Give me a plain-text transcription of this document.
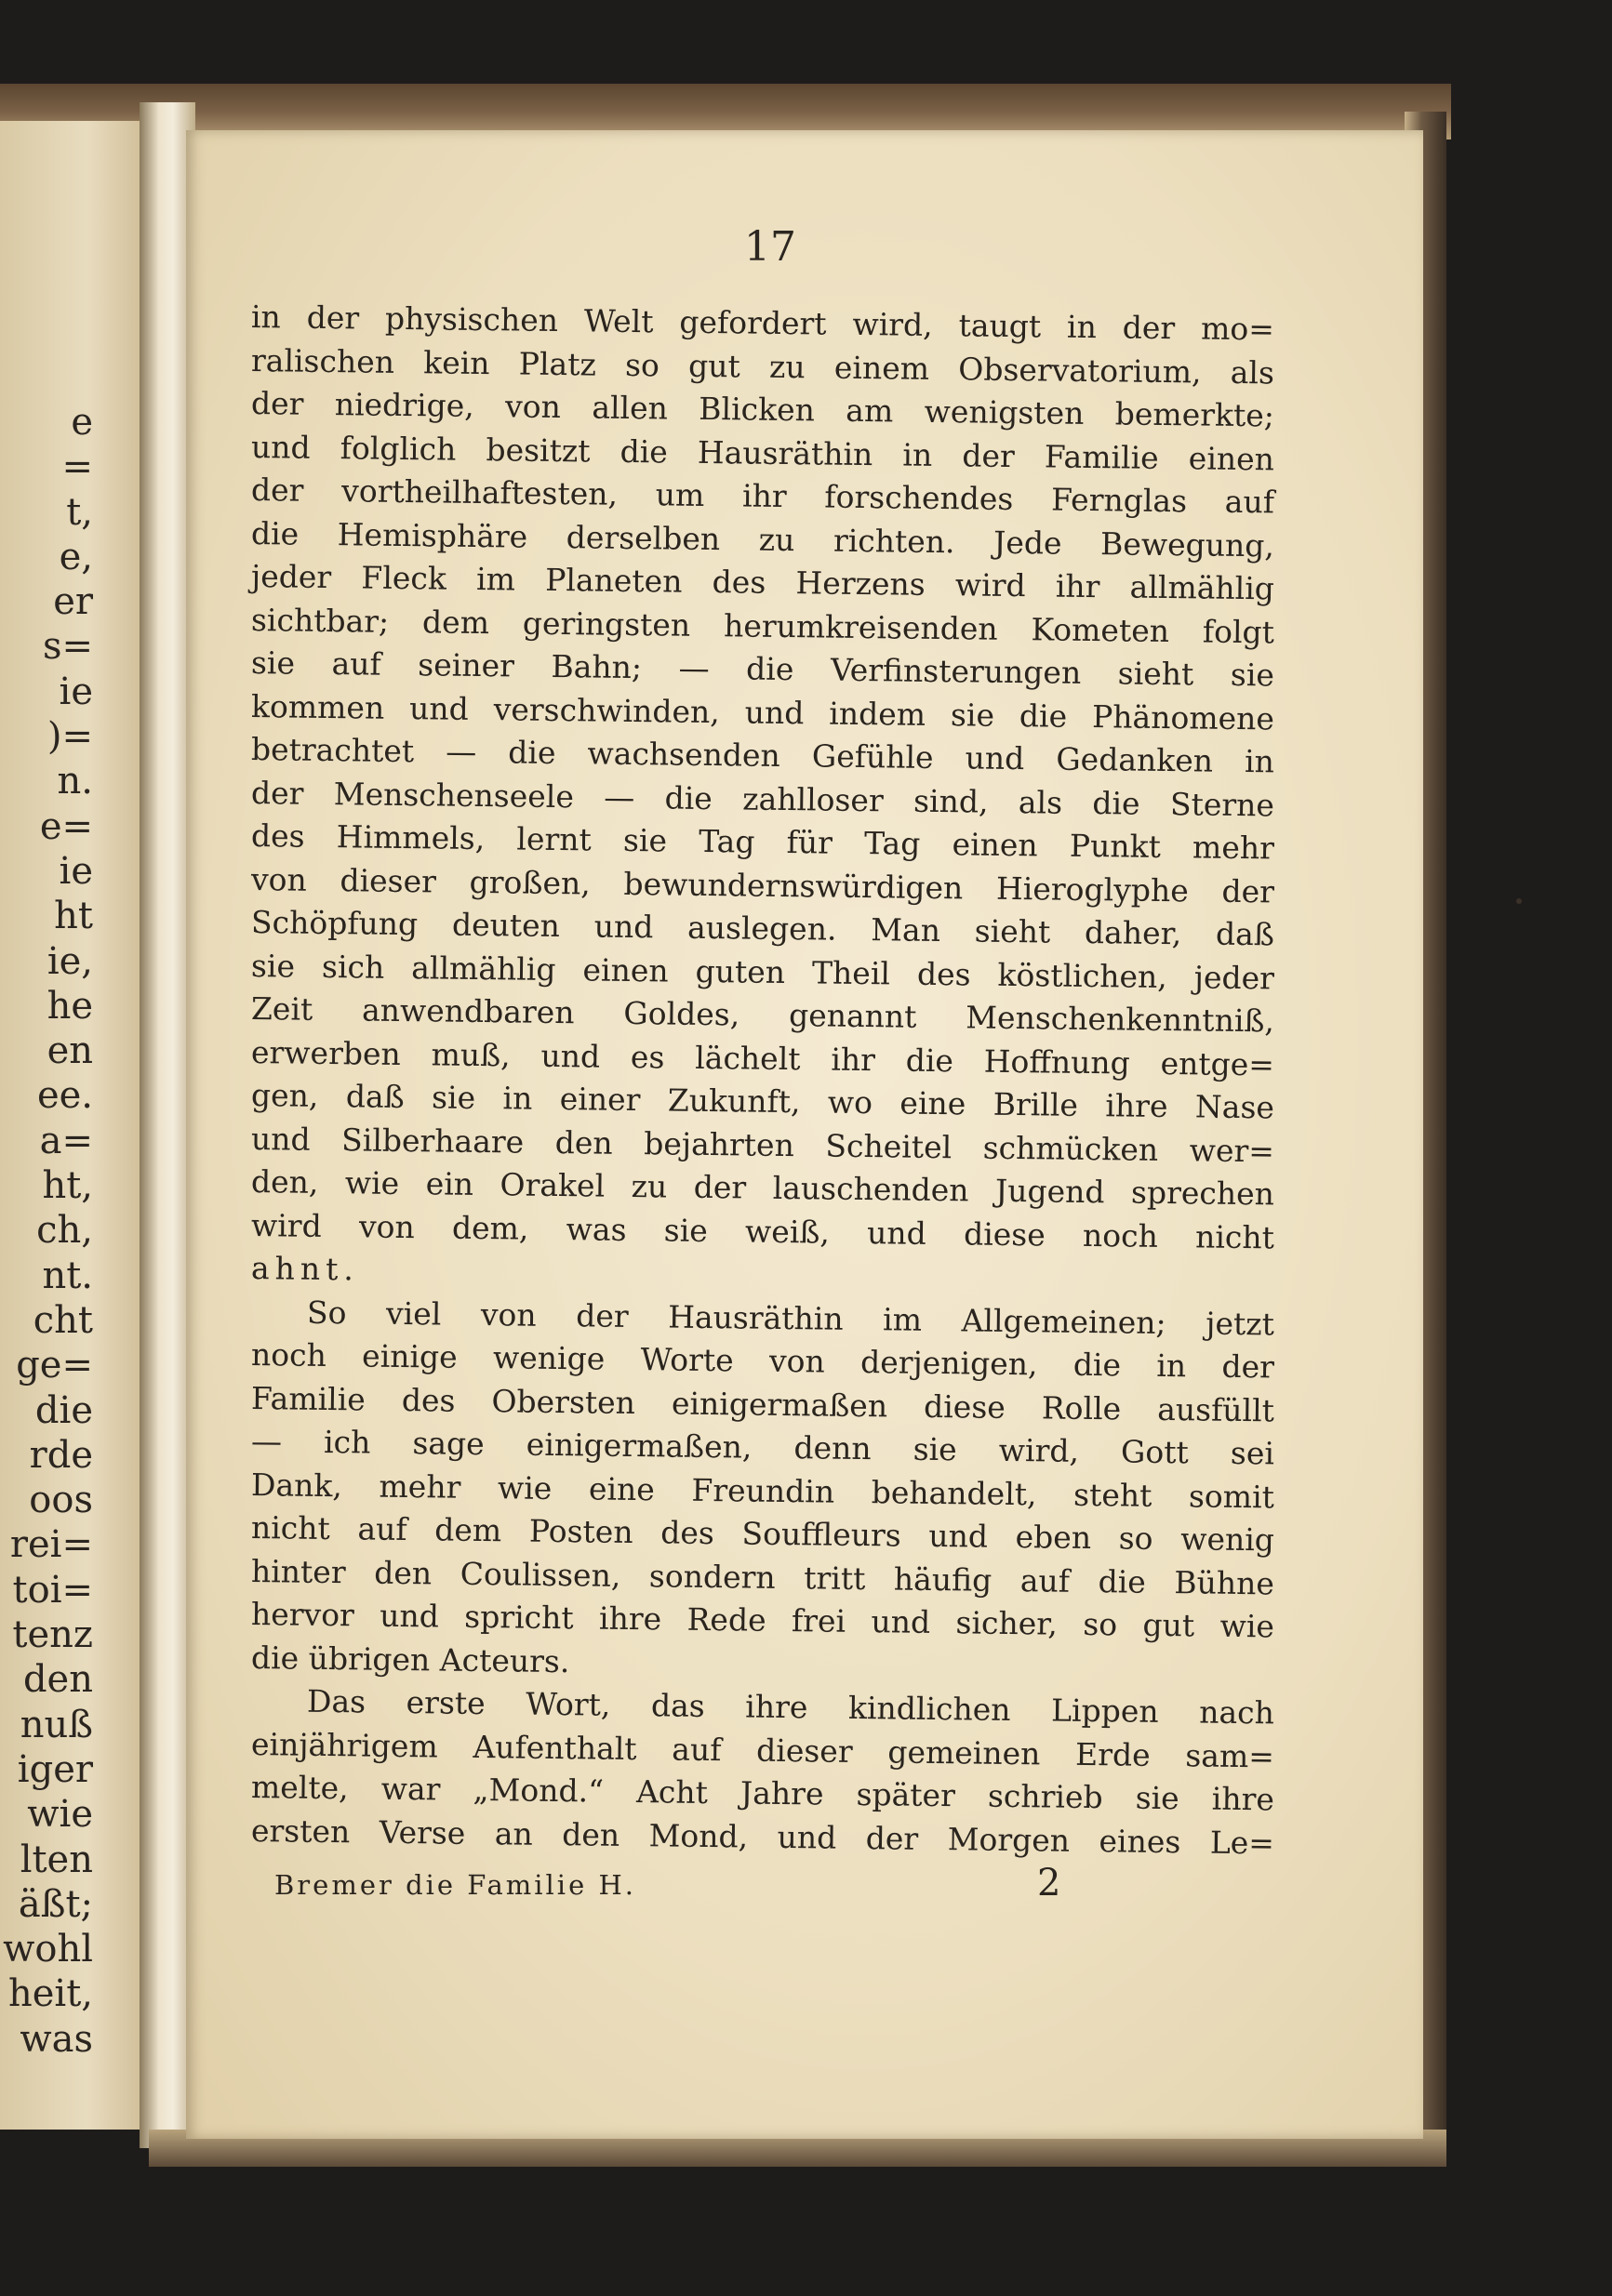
e
=
t,
e,
er
s=
ie
)=
n.
e=
ie
ht
ie,
he
en
ee.
a=
ht,
ch,
nt.
cht
ge=
die
rde
oos
rei=
toi=
tenz
den
nuß
iger
wie
lten
äßt;
wohl
heit,
was
17
in der physischen Welt gefordert wird, taugt in der mo=
ralischen kein Platz so gut zu einem Observatorium, als
der niedrige, von allen Blicken am wenigsten bemerkte;
und folglich besitzt die Hausräthin in der Familie einen
der vortheilhaftesten, um ihr forschendes Fernglas auf
die Hemisphäre derselben zu richten. Jede Bewegung,
jeder Fleck im Planeten des Herzens wird ihr allmählig
sichtbar; dem geringsten herumkreisenden Kometen folgt
sie auf seiner Bahn; — die Verfinsterungen sieht sie
kommen und verschwinden, und indem sie die Phänomene
betrachtet — die wachsenden Gefühle und Gedanken in
der Menschenseele — die zahlloser sind, als die Sterne
des Himmels, lernt sie Tag für Tag einen Punkt mehr
von dieser großen, bewundernswürdigen Hieroglyphe der
Schöpfung deuten und auslegen. Man sieht daher, daß
sie sich allmählig einen guten Theil des köstlichen, jeder
Zeit anwendbaren Goldes, genannt Menschenkenntniß,
erwerben muß, und es lächelt ihr die Hoffnung entge=
gen, daß sie in einer Zukunft, wo eine Brille ihre Nase
und Silberhaare den bejahrten Scheitel schmücken wer=
den, wie ein Orakel zu der lauschenden Jugend sprechen
wird von dem, was sie weiß, und diese noch nicht
ahnt.
So viel von der Hausräthin im Allgemeinen; jetzt
noch einige wenige Worte von derjenigen, die in der
Familie des Obersten einigermaßen diese Rolle ausfüllt
— ich sage einigermaßen, denn sie wird, Gott sei
Dank, mehr wie eine Freundin behandelt, steht somit
nicht auf dem Posten des Souffleurs und eben so wenig
hinter den Coulissen, sondern tritt häufig auf die Bühne
hervor und spricht ihre Rede frei und sicher, so gut wie
die übrigen Acteurs.
Das erste Wort, das ihre kindlichen Lippen nach
einjährigem Aufenthalt auf dieser gemeinen Erde sam=
melte, war „Mond.“ Acht Jahre später schrieb sie ihre
ersten Verse an den Mond, und der Morgen eines Le=
Bremer die Familie H.	2
